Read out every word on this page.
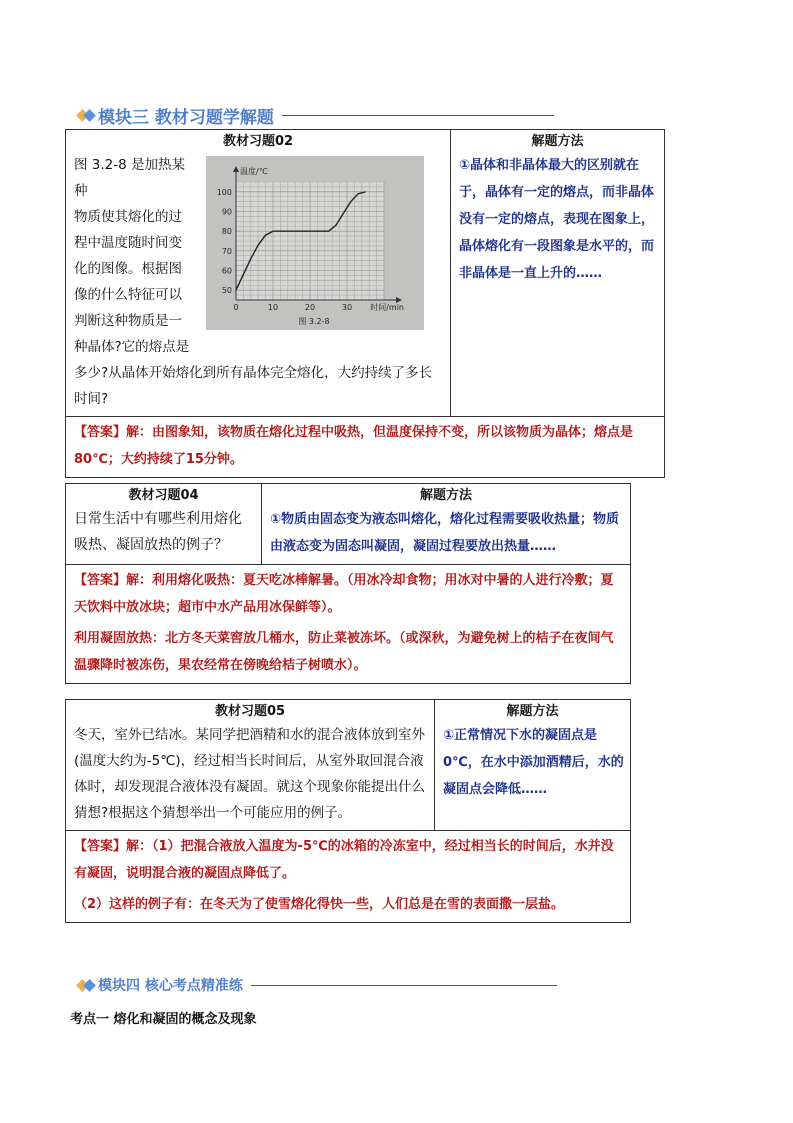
模块三 教材习题学解题
教材习题02
50
60
70
80
90
100
0	10	20	30
温度/℃
时间/min
图 3.2-8
图 3.2-8 是加热某种
物质使其熔化的过
程中温度随时间变
化的图像。根据图
像的什么特征可以
判断这种物质是一
种晶体?它的熔点是
多少?从晶体开始熔化到所有晶体完全熔化，大约持续了多长
时间?

解题方法
①晶体和非晶体最大的区别就在于，晶体有一定的熔点，而非晶体没有一定的熔点，表现在图象上，晶体熔化有一段图象是水平的，而非晶体是一直上升的……

【答案】解：由图象知，该物质在熔化过程中吸热，但温度保持不变，所以该物质为晶体；熔点是80℃；大约持续了15分钟。
教材习题04
日常生活中有哪些利用熔化吸热、凝固放热的例子？

解题方法
①物质由固态变为液态叫熔化，熔化过程需要吸收热量；物质由液态变为固态叫凝固，凝固过程要放出热量……

【答案】解：利用熔化吸热：夏天吃冰棒解暑。（用冰冷却食物；用冰对中暑的人进行冷敷；夏天饮料中放冰块；超市中水产品用冰保鲜等）。
利用凝固放热：北方冬天菜窖放几桶水，防止菜被冻坏。（或深秋，为避免树上的桔子在夜间气温骤降时被冻伤，果农经常在傍晚给桔子树喷水）。
教材习题05
冬天，室外已结冰。某同学把酒精和水的混合液体放到室外(温度大约为-5℃)，经过相当长时间后，从室外取回混合液体时，却发现混合液体没有凝固。就这个现象你能提出什么猜想?根据这个猜想举出一个可能应用的例子。

解题方法
①正常情况下水的凝固点是0℃，在水中添加酒精后，水的凝固点会降低……

【答案】解：（1）把混合液放入温度为-5℃的冰箱的冷冻室中，经过相当长的时间后，水并没有凝固，说明混合液的凝固点降低了。
（2）这样的例子有：在冬天为了使雪熔化得快一些，人们总是在雪的表面撒一层盐。
模块四 核心考点精准练
考点一 熔化和凝固的概念及现象
